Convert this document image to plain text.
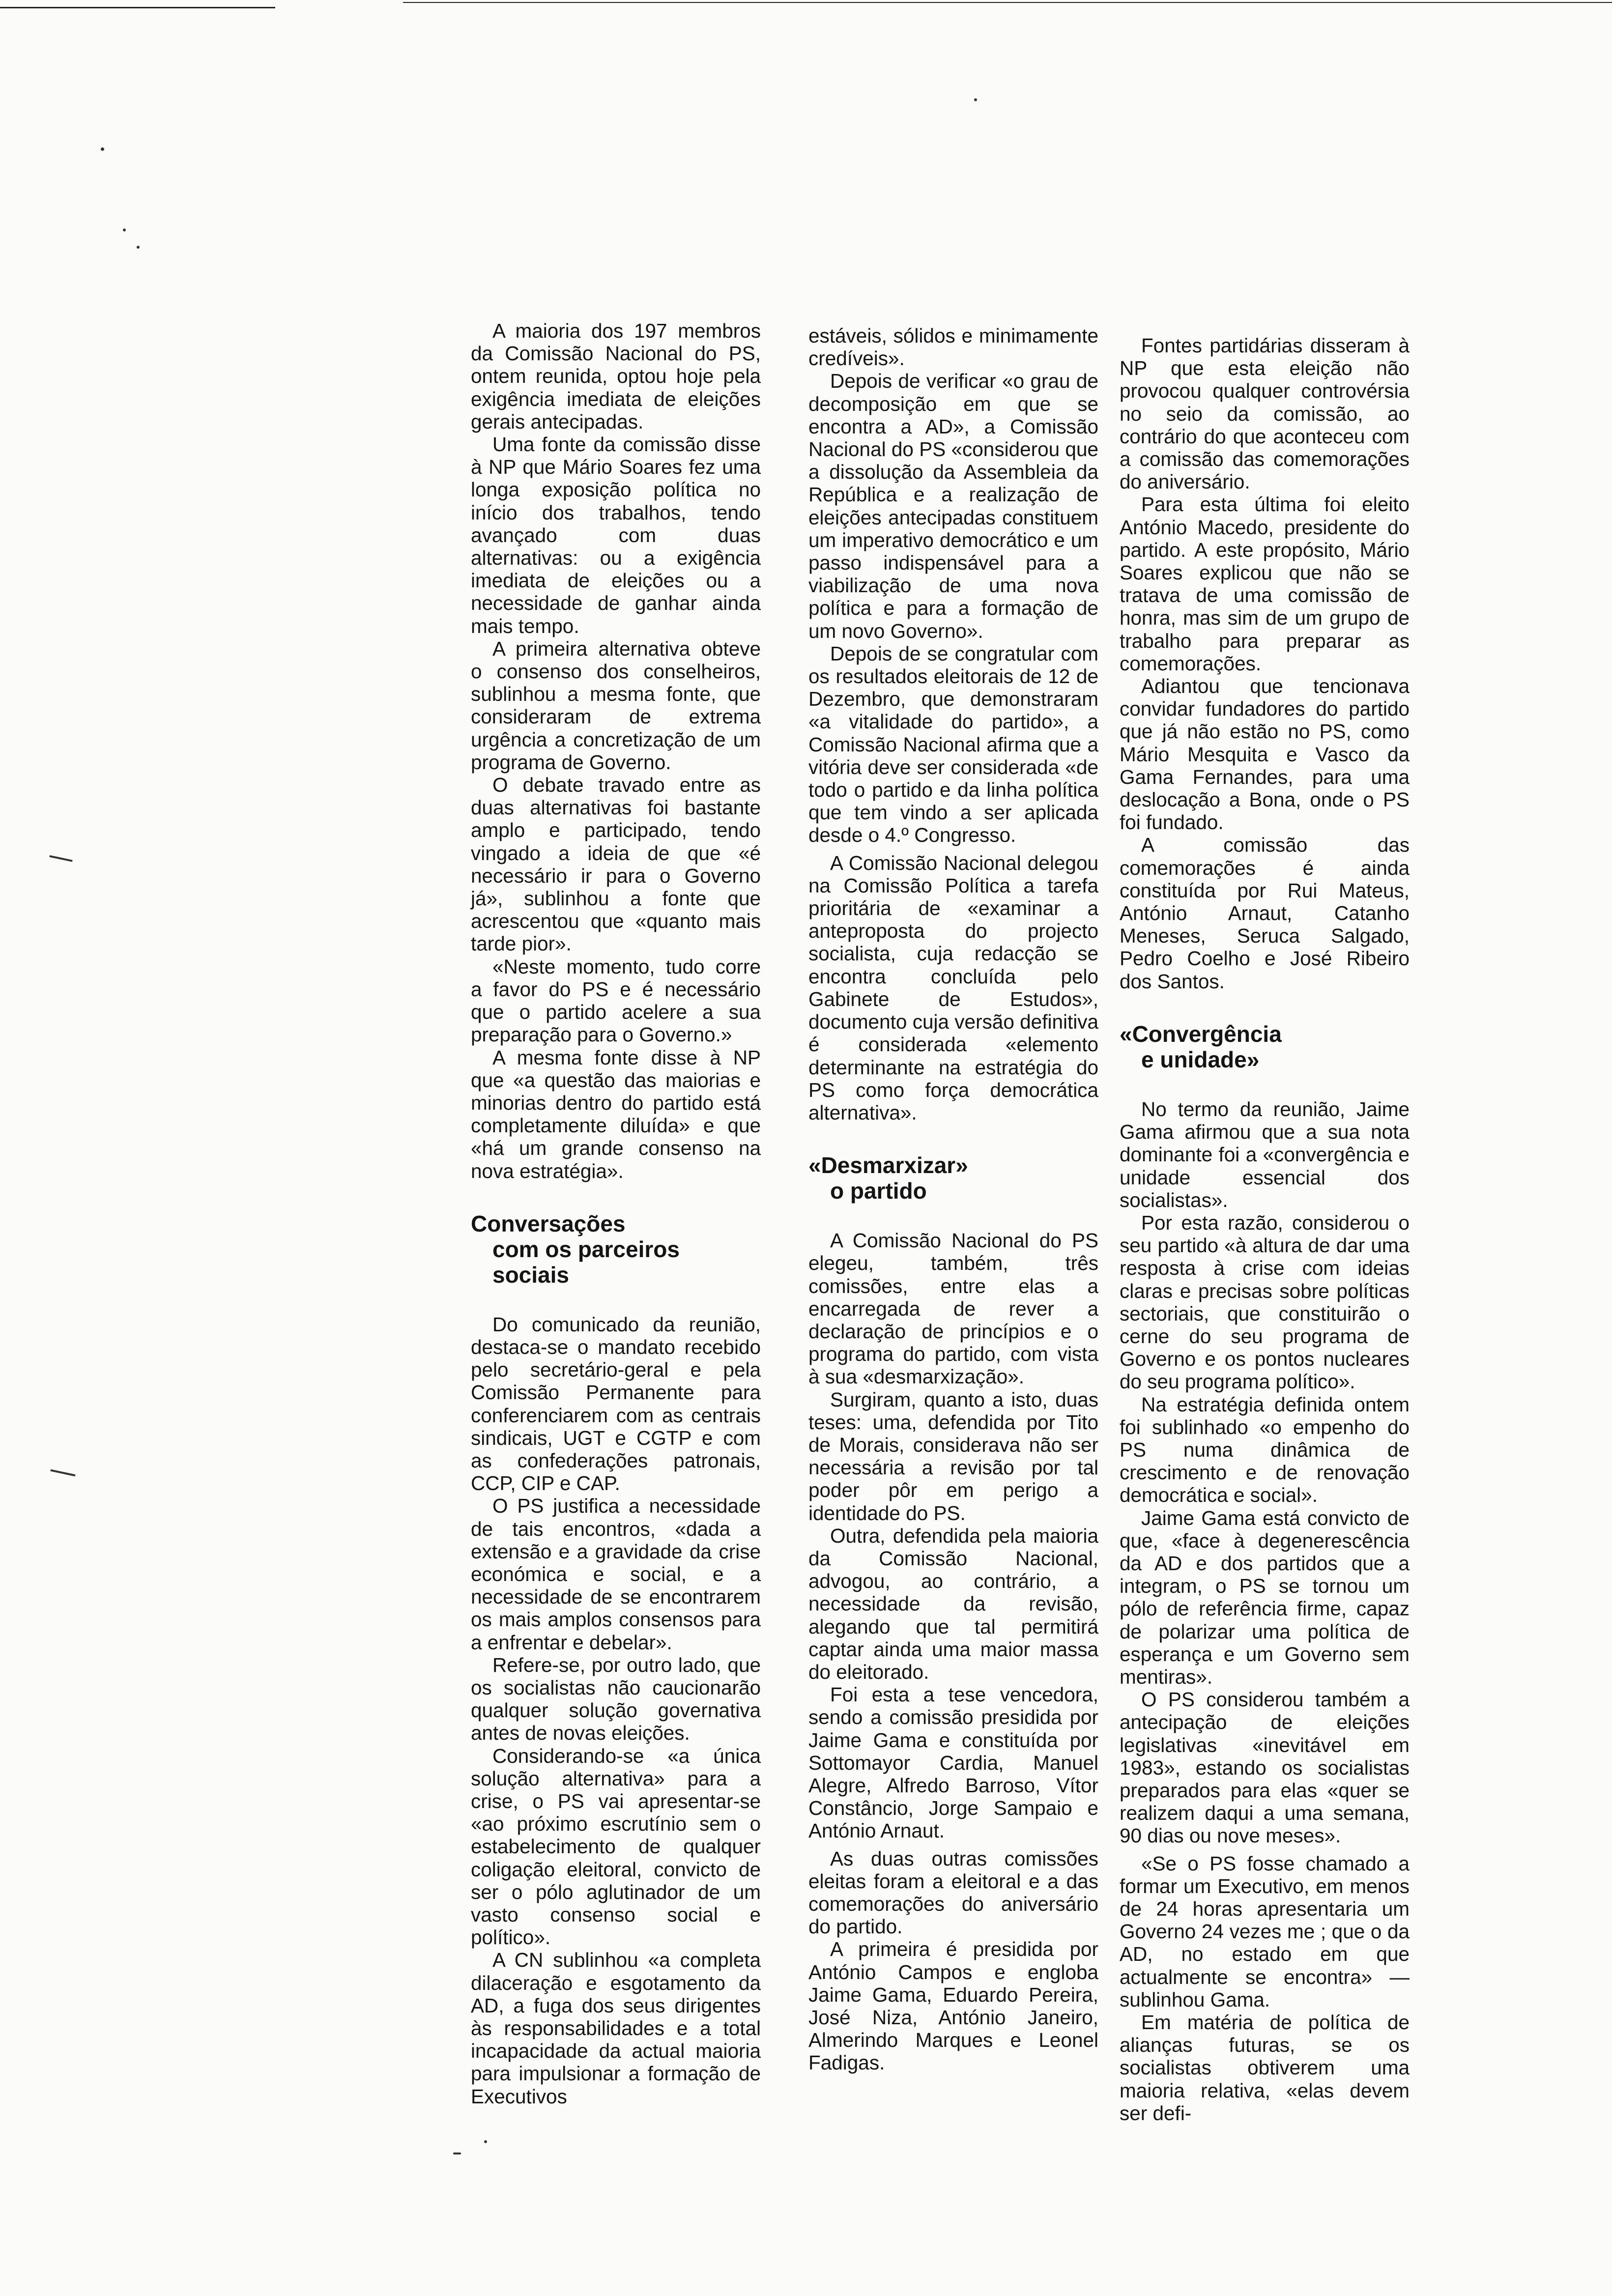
A maioria dos 197 membros da Comissão Nacional do PS, ontem reunida, optou hoje pela exigência imediata de eleições gerais antecipadas.

Uma fonte da comissão disse à NP que Mário Soares fez uma longa exposição política no início dos trabalhos, tendo avançado com duas alternativas: ou a exigência imediata de eleições ou a necessidade de ganhar ainda mais tempo.

A primeira alternativa obteve o consenso dos conselheiros, sublinhou a mesma fonte, que consideraram de extrema urgência a concretização de um programa de Governo.

O debate travado entre as duas alternativas foi bastante amplo e participado, tendo vingado a ideia de que «é necessário ir para o Governo já», sublinhou a fonte que acrescentou que «quanto mais tarde pior».

«Neste momento, tudo corre a favor do PS e é necessário que o partido acelere a sua preparação para o Governo.»

A mesma fonte disse à NP que «a questão das maiorias e minorias dentro do partido está completamente diluída» e que «há um grande consenso na nova estratégia».

Conversações
com os parceiros
sociais

Do comunicado da reunião, destaca-se o mandato recebido pelo secretário-geral e pela Comissão Permanente para conferenciarem com as centrais sindicais, UGT e CGTP e com as confederações patronais, CCP, CIP e CAP.

O PS justifica a necessidade de tais encontros, «dada a extensão e a gravidade da crise económica e social, e a necessidade de se encontrarem os mais amplos consensos para a enfrentar e debelar».

Refere-se, por outro lado, que os socialistas não caucionarão qualquer solução governativa antes de novas eleições.

Considerando-se «a única solução alternativa» para a crise, o PS vai apresentar-se «ao próximo escrutínio sem o estabelecimento de qualquer coligação eleitoral, convicto de ser o pólo aglutinador de um vasto consenso social e político».

A CN sublinhou «a completa dilaceração e esgotamento da AD, a fuga dos seus dirigentes às responsabilidades e a total incapacidade da actual maioria para impulsionar a formação de Executivos

estáveis, sólidos e minimamente credíveis».

Depois de verificar «o grau de decomposição em que se encontra a AD», a Comissão Nacional do PS «considerou que a dissolução da Assembleia da República e a realização de eleições antecipadas constituem um imperativo democrático e um passo indispensável para a viabilização de uma nova política e para a formação de um novo Governo».

Depois de se congratular com os resultados eleitorais de 12 de Dezembro, que demonstraram «a vitalidade do partido», a Comissão Nacional afirma que a vitória deve ser considerada «de todo o partido e da linha política que tem vindo a ser aplicada desde o 4.º Congresso.

A Comissão Nacional delegou na Comissão Política a tarefa prioritária de «examinar a anteproposta do projecto socialista, cuja redacção se encontra concluída pelo Gabinete de Estudos», documento cuja versão definitiva é considerada «elemento determinante na estratégia do PS como força democrática alternativa».

«Desmarxizar»
o partido

A Comissão Nacional do PS elegeu, também, três comissões, entre elas a encarregada de rever a declaração de princípios e o programa do partido, com vista à sua «desmarxização».

Surgiram, quanto a isto, duas teses: uma, defendida por Tito de Morais, considerava não ser necessária a revisão por tal poder pôr em perigo a identidade do PS.

Outra, defendida pela maioria da Comissão Nacional, advogou, ao contrário, a necessidade da revisão, alegando que tal permitirá captar ainda uma maior massa do eleitorado.

Foi esta a tese vencedora, sendo a comissão presidida por Jaime Gama e constituída por Sottomayor Cardia, Manuel Alegre, Alfredo Barroso, Vítor Constâncio, Jorge Sampaio e António Arnaut.

As duas outras comissões eleitas foram a eleitoral e a das comemorações do aniversário do partido.

A primeira é presidida por António Campos e engloba Jaime Gama, Eduardo Pereira, José Niza, António Janeiro, Almerindo Marques e Leonel Fadigas.

Fontes partidárias disseram à NP que esta eleição não provocou qualquer controvérsia no seio da comissão, ao contrário do que aconteceu com a comissão das comemorações do aniversário.

Para esta última foi eleito António Macedo, presidente do partido. A este propósito, Mário Soares explicou que não se tratava de uma comissão de honra, mas sim de um grupo de trabalho para preparar as comemorações.

Adiantou que tencionava convidar fundadores do partido que já não estão no PS, como Mário Mesquita e Vasco da Gama Fernandes, para uma deslocação a Bona, onde o PS foi fundado.

A comissão das comemorações é ainda constituída por Rui Mateus, António Arnaut, Catanho Meneses, Seruca Salgado, Pedro Coelho e José Ribeiro dos Santos.

«Convergência
e unidade»

No termo da reunião, Jaime Gama afirmou que a sua nota dominante foi a «convergência e unidade essencial dos socialistas».

Por esta razão, considerou o seu partido «à altura de dar uma resposta à crise com ideias claras e precisas sobre políticas sectoriais, que constituirão o cerne do seu programa de Governo e os pontos nucleares do seu programa político».

Na estratégia definida ontem foi sublinhado «o empenho do PS numa dinâmica de crescimento e de renovação democrática e social».

Jaime Gama está convicto de que, «face à degenerescência da AD e dos partidos que a integram, o PS se tornou um pólo de referência firme, capaz de polarizar uma política de esperança e um Governo sem mentiras».

O PS considerou também a antecipação de eleições legislativas «inevitável em 1983», estando os socialistas preparados para elas «quer se realizem daqui a uma semana, 90 dias ou nove meses».

«Se o PS fosse chamado a formar um Executivo, em menos de 24 horas apresentaria um Governo 24 vezes me ; que o da AD, no estado em que actualmente se encontra» — sublinhou Gama.

Em matéria de política de alianças futuras, se os socialistas obtiverem uma maioria relativa, «elas devem ser defi-
